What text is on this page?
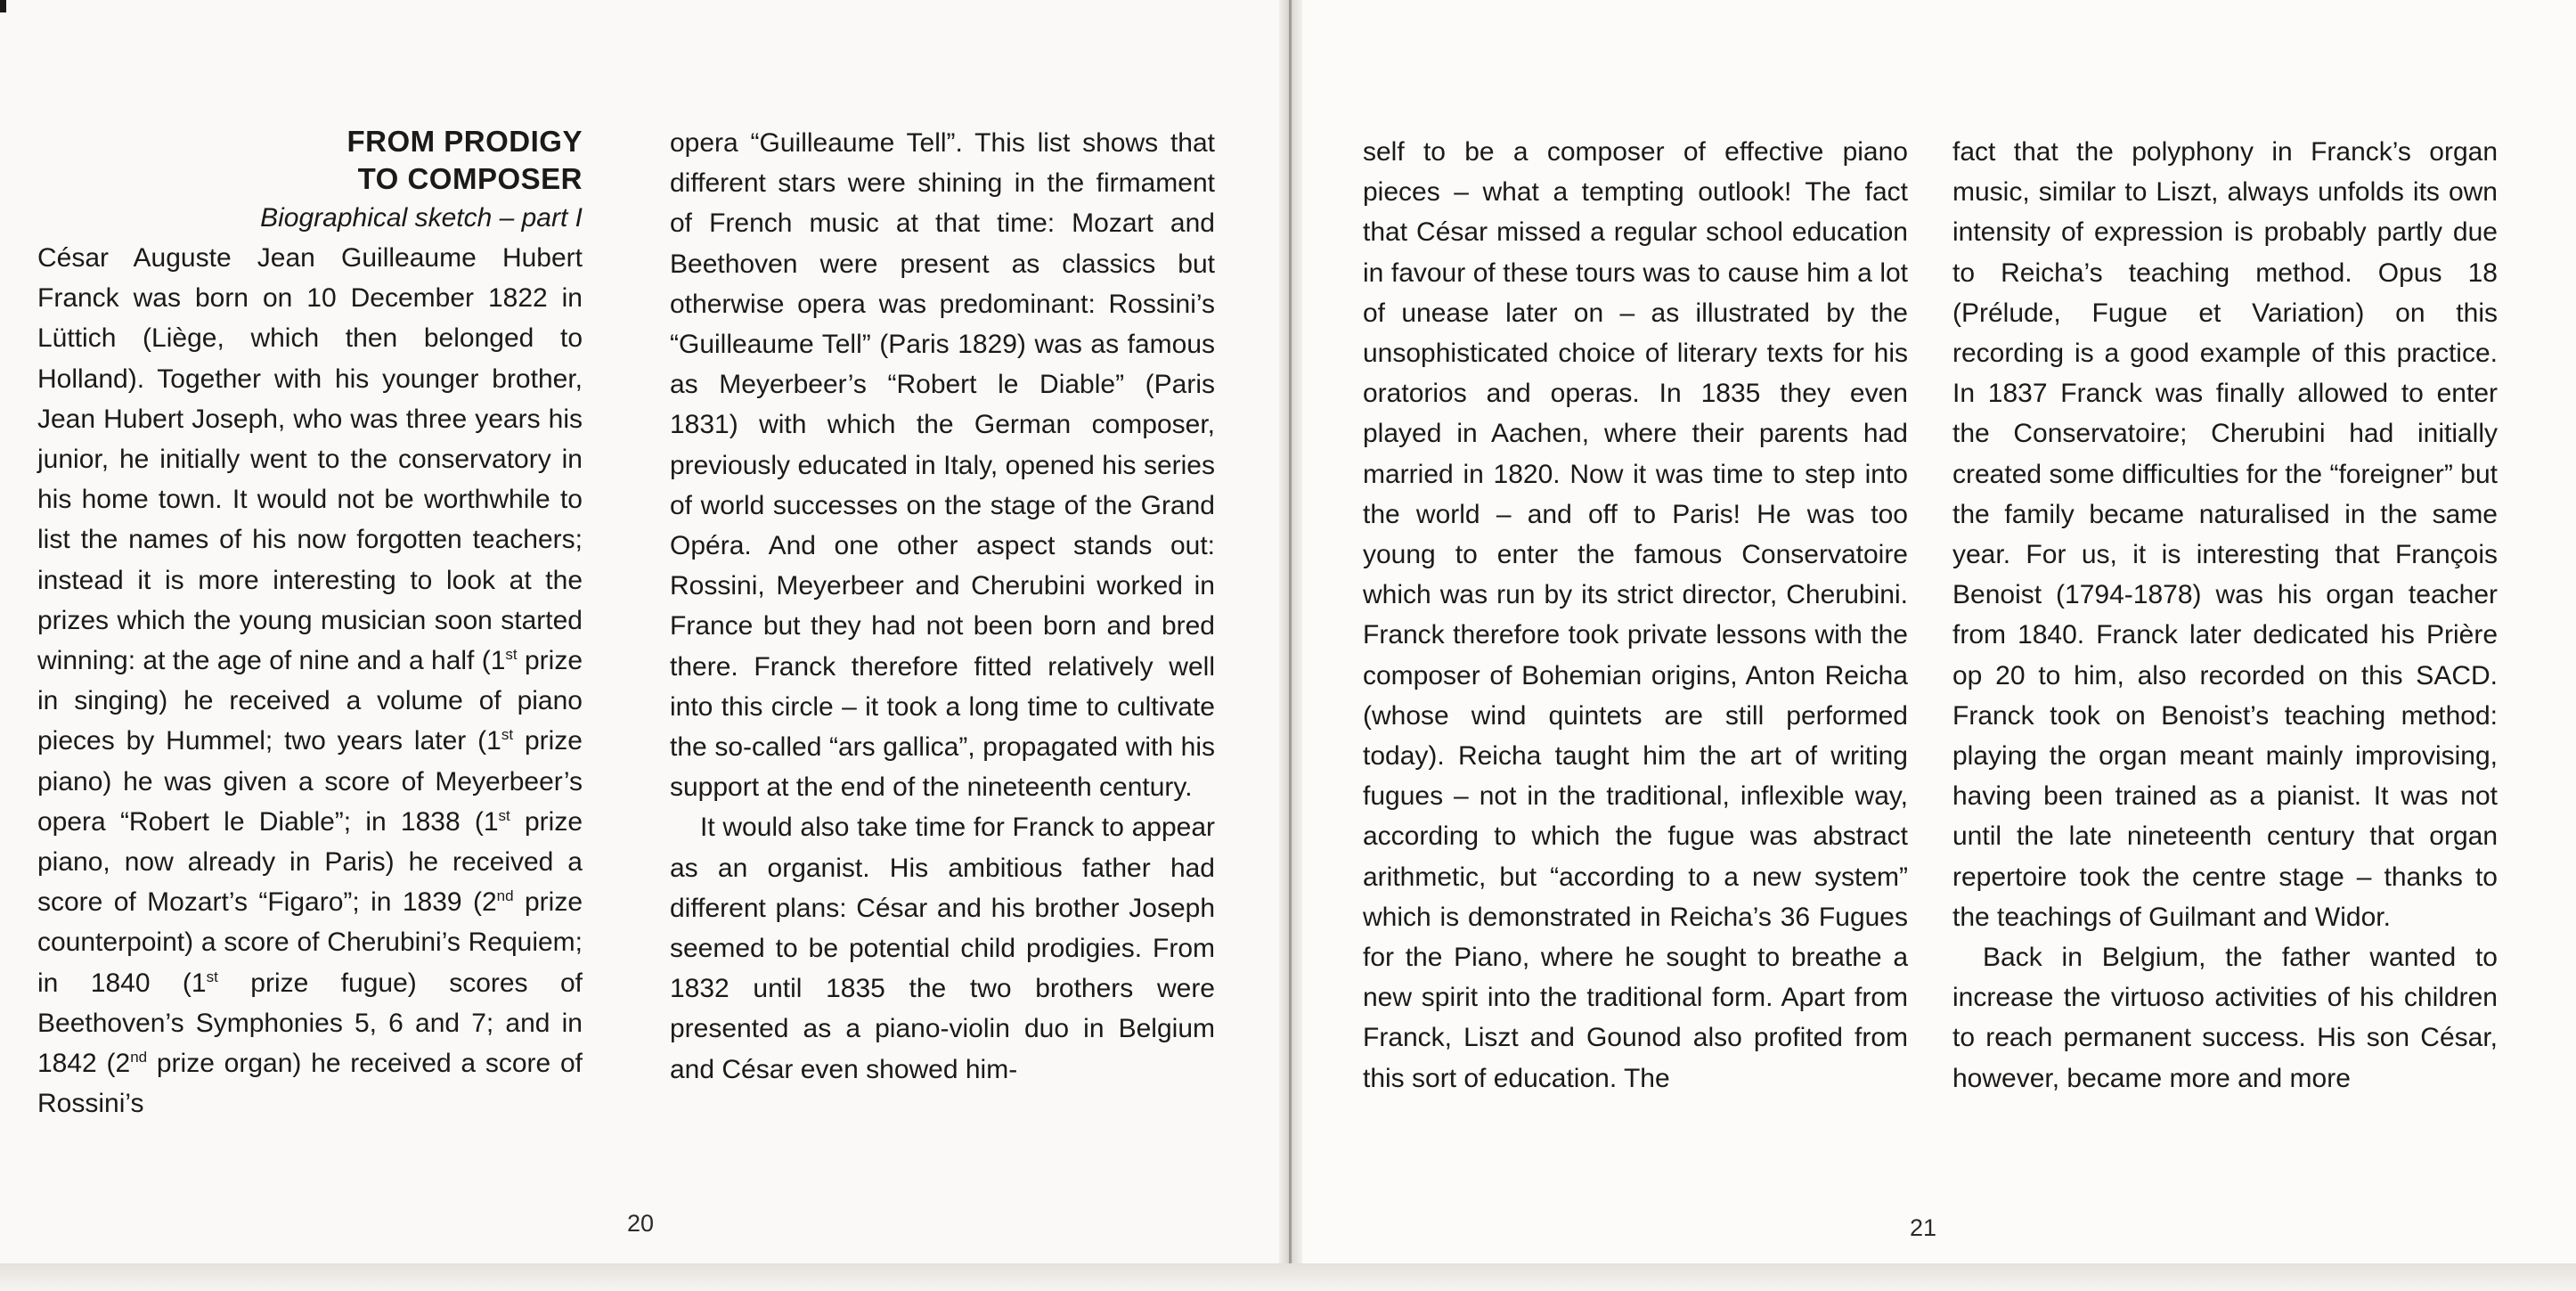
FROM PRODIGY
TO COMPOSER
Biographical sketch – part I

César Auguste Jean Guilleaume Hubert Franck was born on 10 December 1822 in Lüttich (Liège, which then belonged to Holland). Together with his younger brother, Jean Hubert Joseph, who was three years his junior, he initially went to the conservatory in his home town. It would not be worthwhile to list the names of his now forgotten teachers; instead it is more interesting to look at the prizes which the young musician soon started winning: at the age of nine and a half (1st prize in singing) he received a volume of piano pieces by Hummel; two years later (1st prize piano) he was given a score of Meyerbeer’s opera “Robert le Diable”; in 1838 (1st prize piano, now already in Paris) he received a score of Mozart’s “Figaro”; in 1839 (2nd prize counterpoint) a score of Cherubini’s Requiem; in 1840 (1st prize fugue) scores of Beethoven’s Symphonies 5, 6 and 7; and in 1842 (2nd prize organ) he received a score of Rossini’s

opera “Guilleaume Tell”. This list shows that different stars were shining in the firmament of French music at that time: Mozart and Beethoven were present as classics but otherwise opera was predominant: Rossini’s “Guilleaume Tell” (Paris 1829) was as famous as Meyerbeer’s “Robert le Diable” (Paris 1831) with which the German composer, previously educated in Italy, opened his series of world successes on the stage of the Grand Opéra. And one other aspect stands out: Rossini, Meyerbeer and Cherubini worked in France but they had not been born and bred there. Franck therefore fitted relatively well into this circle – it took a long time to cultivate the so-called “ars gallica”, propagated with his support at the end of the nineteenth century.

It would also take time for Franck to appear as an organist. His ambitious father had different plans: César and his brother Joseph seemed to be potential child prodigies. From 1832 until 1835 the two brothers were presented as a piano-violin duo in Belgium and César even showed him-

20

self to be a composer of effective piano pieces – what a tempting outlook! The fact that César missed a regular school education in favour of these tours was to cause him a lot of unease later on – as illustrated by the unsophisticated choice of literary texts for his oratorios and operas. In 1835 they even played in Aachen, where their parents had married in 1820. Now it was time to step into the world – and off to Paris! He was too young to enter the famous Conservatoire which was run by its strict director, Cherubini. Franck therefore took private lessons with the composer of Bohemian origins, Anton Reicha (whose wind quintets are still performed today). Reicha taught him the art of writing fugues – not in the traditional, inflexible way, according to which the fugue was abstract arithmetic, but “according to a new system” which is demonstrated in Reicha’s 36 Fugues for the Piano, where he sought to breathe a new spirit into the traditional form. Apart from Franck, Liszt and Gounod also profited from this sort of education. The

fact that the polyphony in Franck’s organ music, similar to Liszt, always unfolds its own intensity of expression is probably partly due to Reicha’s teaching method. Opus 18 (Prélude, Fugue et Variation) on this recording is a good example of this practice. In 1837 Franck was finally allowed to enter the Conservatoire; Cherubini had initially created some difficulties for the “foreigner” but the family became naturalised in the same year. For us, it is interesting that François Benoist (1794-1878) was his organ teacher from 1840. Franck later dedicated his Prière op 20 to him, also recorded on this SACD. Franck took on Benoist’s teaching method: playing the organ meant mainly improvising, having been trained as a pianist. It was not until the late nineteenth century that organ repertoire took the centre stage – thanks to the teachings of Guilmant and Widor.

Back in Belgium, the father wanted to increase the virtuoso activities of his children to reach permanent success. His son César, however, became more and more

21
